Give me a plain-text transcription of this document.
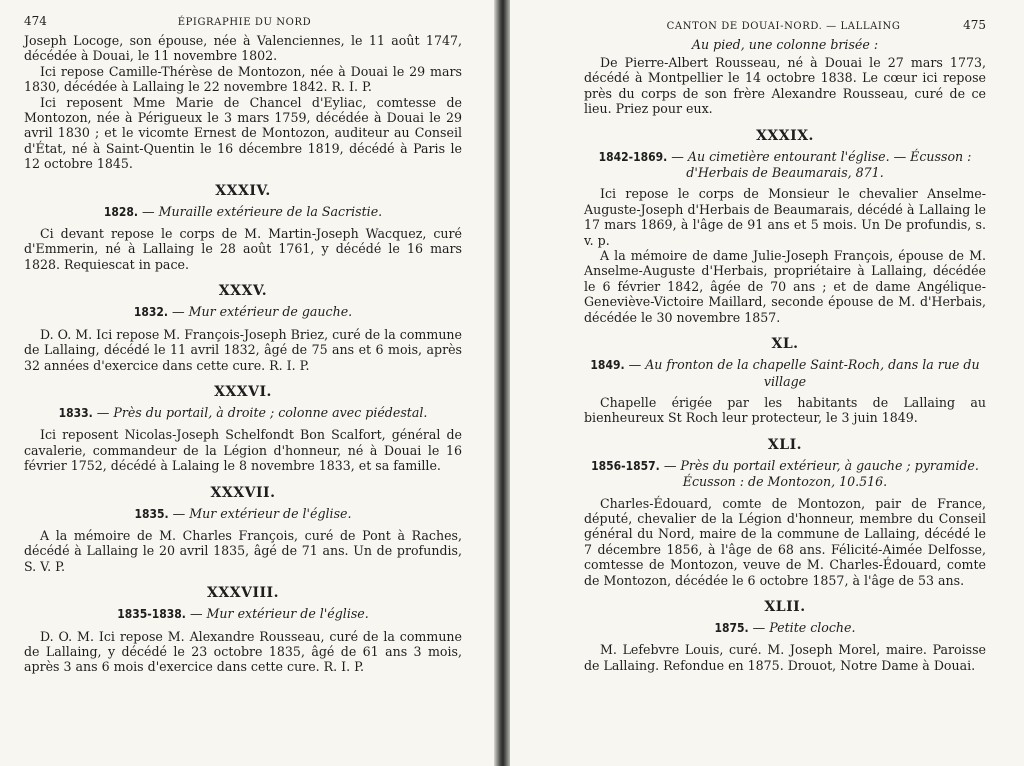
474	ÉPIGRAPHIE DU NORD

Joseph Locoge, son épouse, née à Valenciennes, le 11 août 1747, décédée à Douai, le 11 novembre 1802.

Ici repose Camille-Thérèse de Montozon, née à Douai le 29 mars 1830, décédée à Lallaing le 22 novembre 1842. R. I. P.

Ici reposent Mme Marie de Chancel d'Eyliac, comtesse de Montozon, née à Périgueux le 3 mars 1759, décédée à Douai le 29 avril 1830 ; et le vicomte Ernest de Montozon, auditeur au Conseil d'État, né à Saint-Quentin le 16 décembre 1819, décédé à Paris le 12 octobre 1845.

XXXIV.
1828. — Muraille extérieure de la Sacristie.

Ci devant repose le corps de M. Martin-Joseph Wacquez, curé d'Emmerin, né à Lallaing le 28 août 1761, y décédé le 16 mars 1828. Requiescat in pace.

XXXV.
1832. — Mur extérieur de gauche.

D. O. M. Ici repose M. François-Joseph Briez, curé de la commune de Lallaing, décédé le 11 avril 1832, âgé de 75 ans et 6 mois, après 32 années d'exercice dans cette cure. R. I. P.

XXXVI.
1833. — Près du portail, à droite ; colonne avec piédestal.

Ici reposent Nicolas-Joseph Schelfondt Bon Scalfort, général de cavalerie, commandeur de la Légion d'honneur, né à Douai le 16 février 1752, décédé à Lalaing le 8 novembre 1833, et sa famille.

XXXVII.
1835. — Mur extérieur de l'église.

A la mémoire de M. Charles François, curé de Pont à Raches, décédé à Lallaing le 20 avril 1835, âgé de 71 ans. Un de profundis, S. V. P.

XXXVIII.
1835-1838. — Mur extérieur de l'église.

D. O. M. Ici repose M. Alexandre Rousseau, curé de la commune de Lallaing, y décédé le 23 octobre 1835, âgé de 61 ans 3 mois, après 3 ans 6 mois d'exercice dans cette cure. R. I. P.

CANTON DE DOUAI-NORD. — LALLAING	475
Au pied, une colonne brisée :

De Pierre-Albert Rousseau, né à Douai le 27 mars 1773, décédé à Montpellier le 14 octobre 1838. Le cœur ici repose près du corps de son frère Alexandre Rousseau, curé de ce lieu. Priez pour eux.

XXXIX.
1842-1869. — Au cimetière entourant l'église. — Écusson : d'Herbais de Beaumarais, 871.

Ici repose le corps de Monsieur le chevalier Anselme-Auguste-Joseph d'Herbais de Beaumarais, décédé à Lallaing le 17 mars 1869, à l'âge de 91 ans et 5 mois. Un De profundis, s. v. p.

A la mémoire de dame Julie-Joseph François, épouse de M. Anselme-Auguste d'Herbais, propriétaire à Lallaing, décédée le 6 février 1842, âgée de 70 ans ; et de dame Angélique-Geneviève-Victoire Maillard, seconde épouse de M. d'Herbais, décédée le 30 novembre 1857.

XL.
1849. — Au fronton de la chapelle Saint-Roch, dans la rue du village

Chapelle érigée par les habitants de Lallaing au bienheureux St Roch leur protecteur, le 3 juin 1849.

XLI.
1856-1857. — Près du portail extérieur, à gauche ; pyramide. Écusson : de Montozon, 10.516.

Charles-Édouard, comte de Montozon, pair de France, député, chevalier de la Légion d'honneur, membre du Conseil général du Nord, maire de la commune de Lallaing, décédé le 7 décembre 1856, à l'âge de 68 ans. Félicité-Aimée Delfosse, comtesse de Montozon, veuve de M. Charles-Édouard, comte de Montozon, décédée le 6 octobre 1857, à l'âge de 53 ans.

XLII.
1875. — Petite cloche.

M. Lefebvre Louis, curé. M. Joseph Morel, maire. Paroisse de Lallaing. Refondue en 1875. Drouot, Notre Dame à Douai.
